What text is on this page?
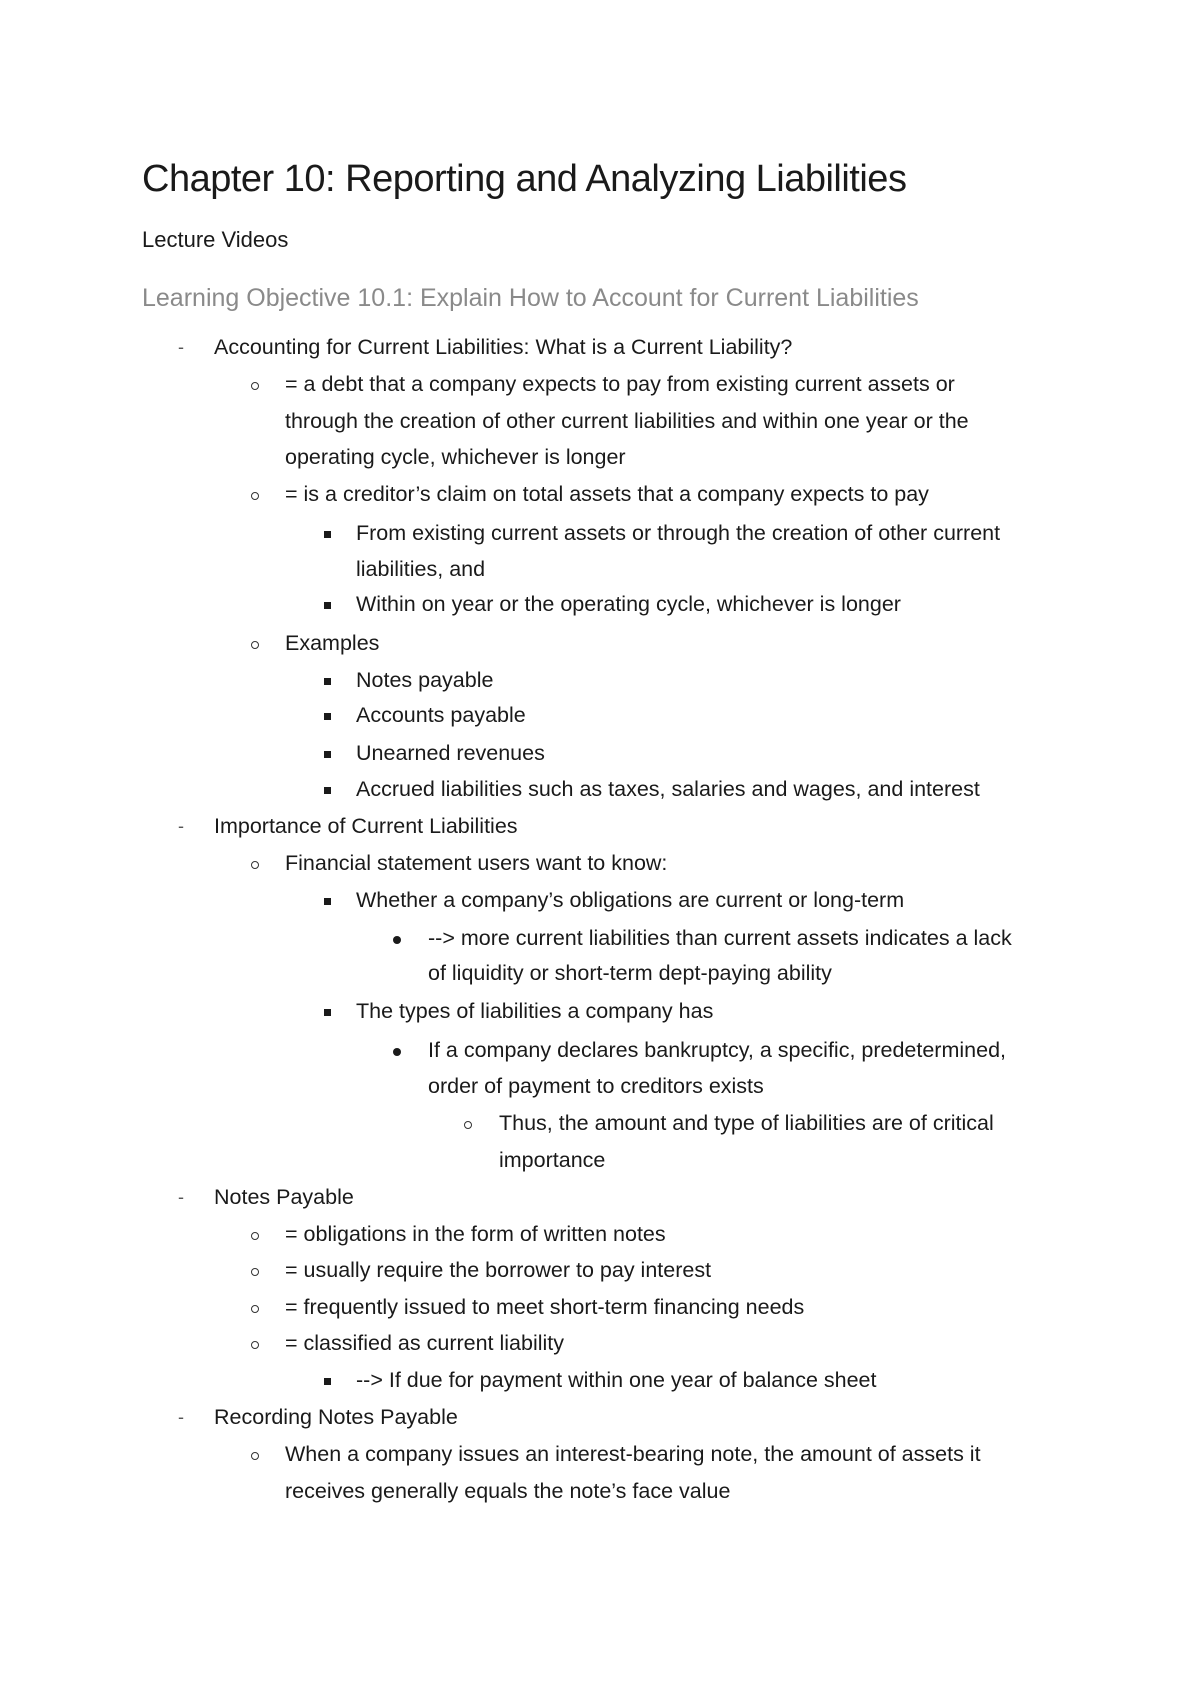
Chapter 10: Reporting and Analyzing Liabilities
Lecture Videos
Learning Objective 10.1: Explain How to Account for Current Liabilities
- Accounting for Current Liabilities: What is a Current Liability?
= a debt that a company expects to pay from existing current assets or
through the creation of other current liabilities and within one year or the
operating cycle, whichever is longer
= is a creditor’s claim on total assets that a company expects to pay
From existing current assets or through the creation of other current
liabilities, and
Within on year or the operating cycle, whichever is longer
Examples
Notes payable
Accounts payable
Unearned revenues
Accrued liabilities such as taxes, salaries and wages, and interest
- Importance of Current Liabilities
Financial statement users want to know:
Whether a company’s obligations are current or long-term
--> more current liabilities than current assets indicates a lack
of liquidity or short-term dept-paying ability
The types of liabilities a company has
If a company declares bankruptcy, a specific, predetermined,
order of payment to creditors exists
Thus, the amount and type of liabilities are of critical
importance
- Notes Payable
= obligations in the form of written notes
= usually require the borrower to pay interest
= frequently issued to meet short-term financing needs
= classified as current liability
--> If due for payment within one year of balance sheet
- Recording Notes Payable
When a company issues an interest-bearing note, the amount of assets it
receives generally equals the note’s face value
